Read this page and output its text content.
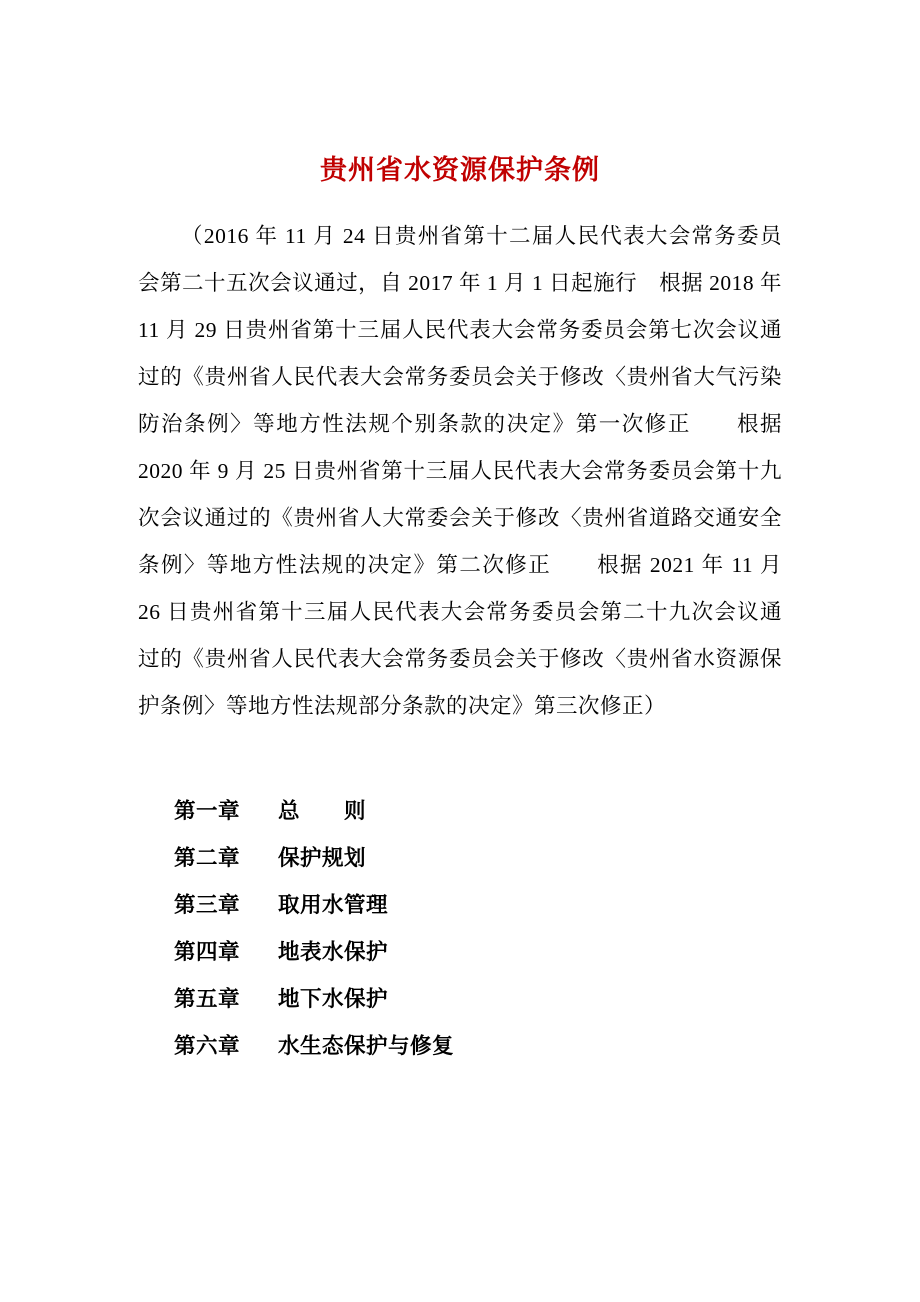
贵州省水资源保护条例

（2016 年 11 月 24 日贵州省第十二届人民代表大会常务委员会第二十五次会议通过，自 2017 年 1 月 1 日起施行　根据 2018 年 11 月 29 日贵州省第十三届人民代表大会常务委员会第七次会议通过的《贵州省人民代表大会常务委员会关于修改〈贵州省大气污染防治条例〉等地方性法规个别条款的决定》第一次修正　　根据 2020 年 9 月 25 日贵州省第十三届人民代表大会常务委员会第十九次会议通过的《贵州省人大常委会关于修改〈贵州省道路交通安全条例〉等地方性法规的决定》第二次修正　　根据 2021 年 11 月 26 日贵州省第十三届人民代表大会常务委员会第二十九次会议通过的《贵州省人民代表大会常务委员会关于修改〈贵州省水资源保护条例〉等地方性法规部分条款的决定》第三次修正）

第一章 总　　则
第二章 保护规划
第三章 取用水管理
第四章 地表水保护
第五章 地下水保护
第六章 水生态保护与修复
